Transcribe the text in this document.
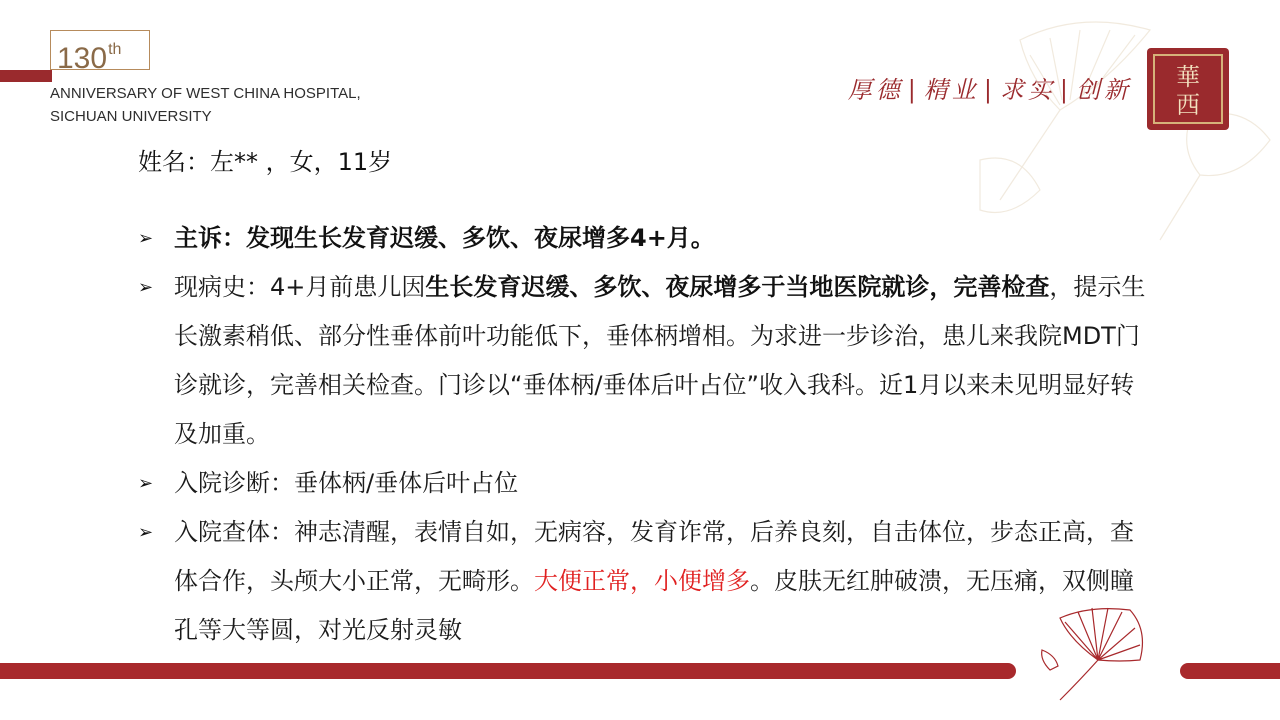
130th
ANNIVERSARY OF WEST CHINA HOSPITAL,
SICHUAN UNIVERSITY
厚德 | 精业 | 求实 | 创新 華
西
姓名：左** ，女，11岁
➢ 主诉：发现生长发育迟缓、多饮、夜尿增多4+月。
➢ 现病史：4+月前患儿因生长发育迟缓、多饮、夜尿增多于当地医院就诊，完善检查，提示生长激素稍低、部分性垂体前叶功能低下，垂体柄增相。为求进一步诊治，患儿来我院MDT门诊就诊，完善相关检查。门诊以“垂体柄/垂体后叶占位”收入我科。近1月以来未见明显好转及加重。
➢ 入院诊断：垂体柄/垂体后叶占位
➢ 入院查体：神志清醒，表情自如，无病容，发育诈常，后养良刻，自击体位，步态正高，查体合作，头颅大小正常，无畸形。大便正常，小便增多。皮肤无红肿破溃，无压痛，双侧瞳孔等大等圆，对光反射灵敏
